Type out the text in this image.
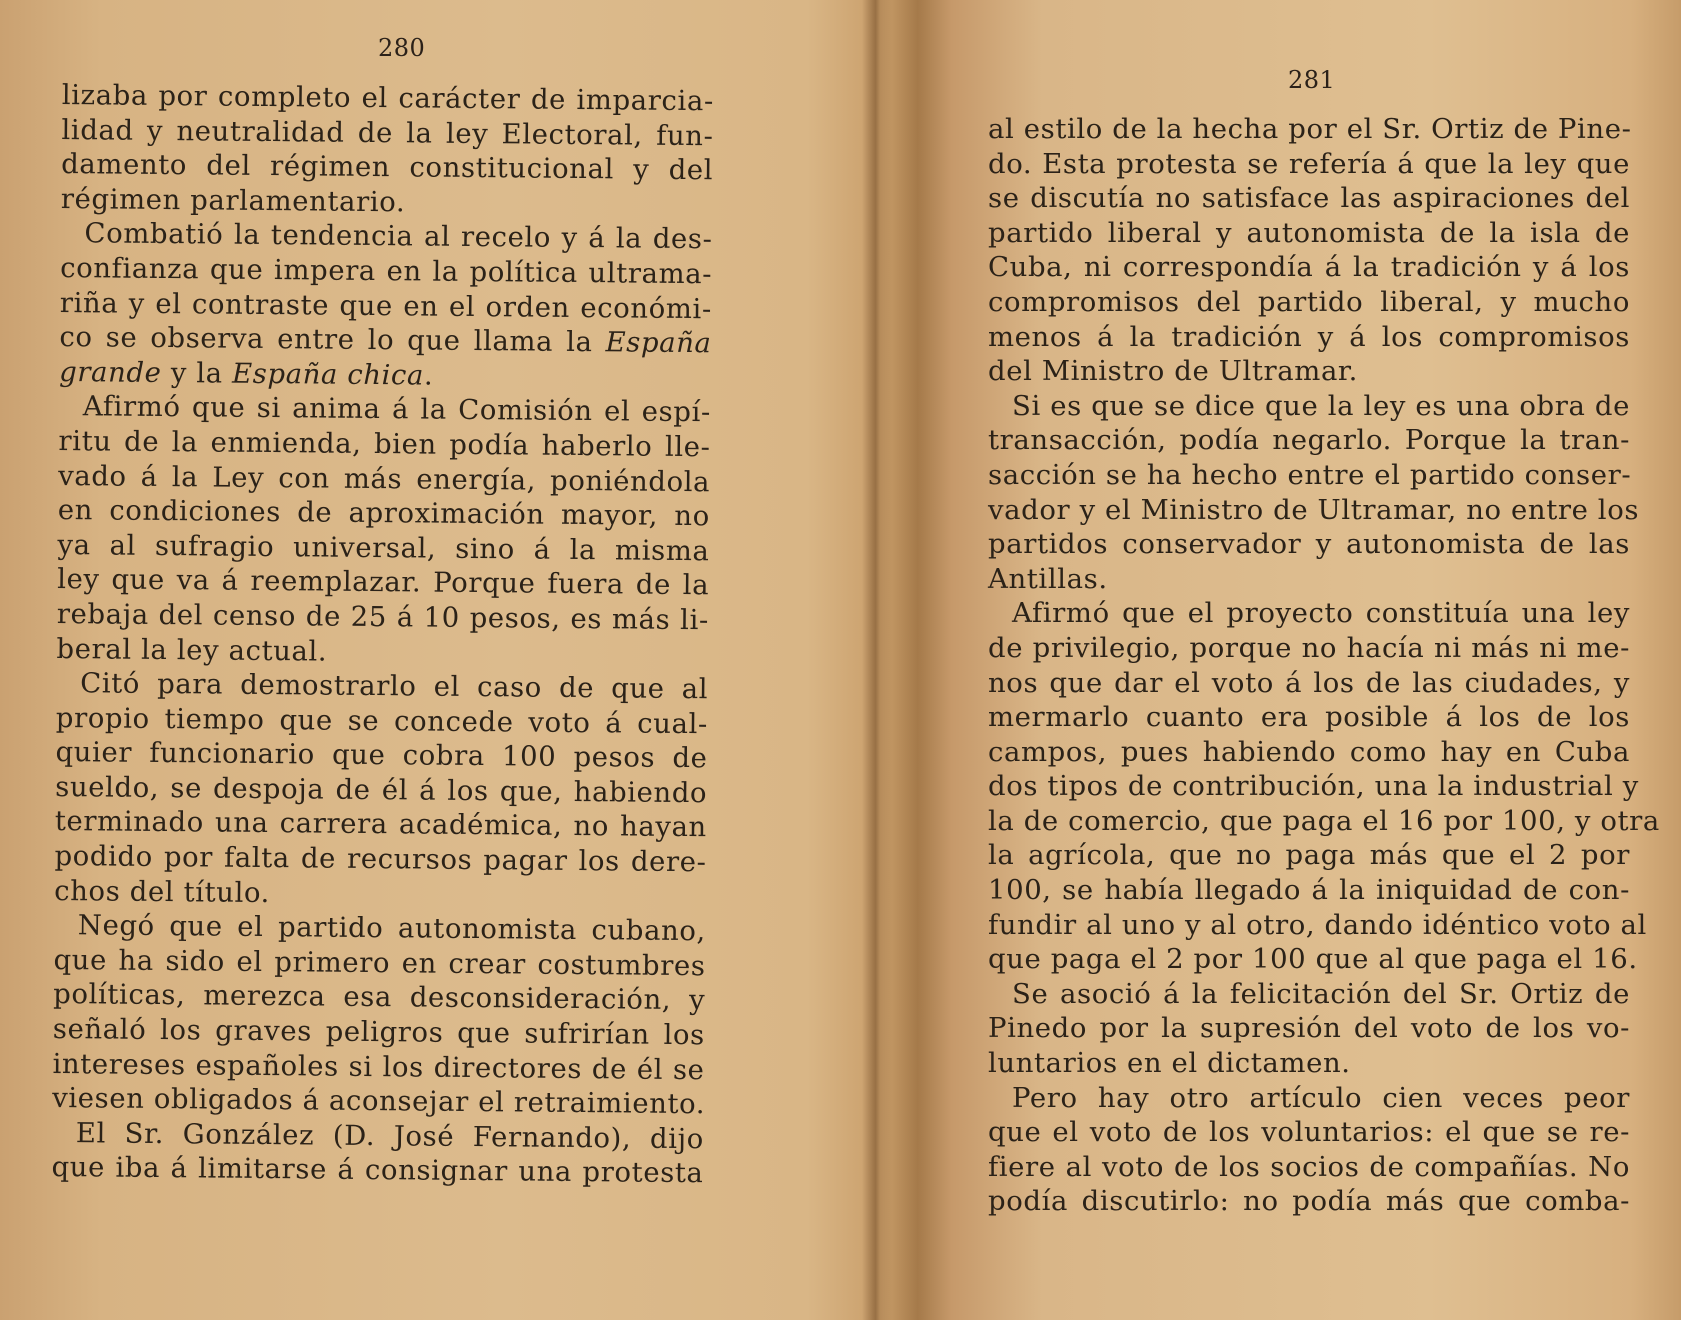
280
lizaba por completo el carácter de imparcia-
lidad y neutralidad de la ley Electoral, fun-
damento del régimen constitucional y del
régimen parlamentario.
Combatió la tendencia al recelo y á la des-
confianza que impera en la política ultrama-
riña y el contraste que en el orden económi-
co se observa entre lo que llama la España
grande y la España chica.
Afirmó que si anima á la Comisión el espí-
ritu de la enmienda, bien podía haberlo lle-
vado á la Ley con más energía, poniéndola
en condiciones de aproximación mayor, no
ya al sufragio universal, sino á la misma
ley que va á reemplazar. Porque fuera de la
rebaja del censo de 25 á 10 pesos, es más li-
beral la ley actual.
Citó para demostrarlo el caso de que al
propio tiempo que se concede voto á cual-
quier funcionario que cobra 100 pesos de
sueldo, se despoja de él á los que, habiendo
terminado una carrera académica, no hayan
podido por falta de recursos pagar los dere-
chos del título.
Negó que el partido autonomista cubano,
que ha sido el primero en crear costumbres
políticas, merezca esa desconsideración, y
señaló los graves peligros que sufrirían los
intereses españoles si los directores de él se
viesen obligados á aconsejar el retraimiento.
El Sr. González (D. José Fernando), dijo
que iba á limitarse á consignar una protesta
281
al estilo de la hecha por el Sr. Ortiz de Pine-
do. Esta protesta se refería á que la ley que
se discutía no satisface las aspiraciones del
partido liberal y autonomista de la isla de
Cuba, ni correspondía á la tradición y á los
compromisos del partido liberal, y mucho
menos á la tradición y á los compromisos
del Ministro de Ultramar.
Si es que se dice que la ley es una obra de
transacción, podía negarlo. Porque la tran-
sacción se ha hecho entre el partido conser-
vador y el Ministro de Ultramar, no entre los
partidos conservador y autonomista de las
Antillas.
Afirmó que el proyecto constituía una ley
de privilegio, porque no hacía ni más ni me-
nos que dar el voto á los de las ciudades, y
mermarlo cuanto era posible á los de los
campos, pues habiendo como hay en Cuba
dos tipos de contribución, una la industrial y
la de comercio, que paga el 16 por 100, y otra
la agrícola, que no paga más que el 2 por
100, se había llegado á la iniquidad de con-
fundir al uno y al otro, dando idéntico voto al
que paga el 2 por 100 que al que paga el 16.
Se asoció á la felicitación del Sr. Ortiz de
Pinedo por la supresión del voto de los vo-
luntarios en el dictamen.
Pero hay otro artículo cien veces peor
que el voto de los voluntarios: el que se re-
fiere al voto de los socios de compañías. No
podía discutirlo: no podía más que comba-
